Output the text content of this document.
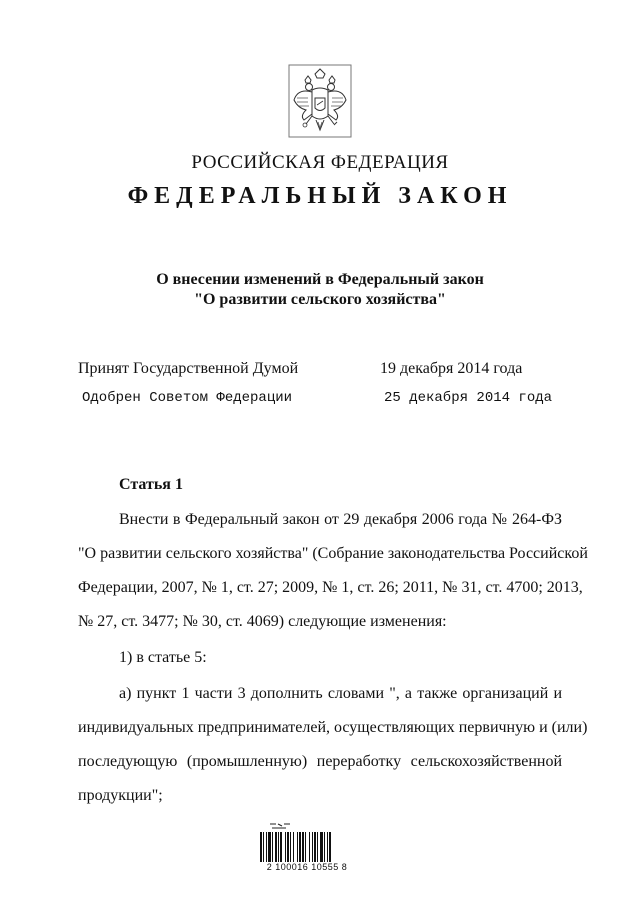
РОССИЙСКАЯ ФЕДЕРАЦИЯ
ФЕДЕРАЛЬНЫЙ ЗАКОН
О внесении изменений в Федеральный закон
"О развитии сельского хозяйства"
Принят Государственной Думой	19 декабря 2014 года
Одобрен Советом Федерации	25 декабря 2014 года
Статья 1
Внести в Федеральный закон от 29 декабря 2006 года № 264-ФЗ
"О развитии сельского хозяйства" (Собрание законодательства Российской
Федерации, 2007, № 1, ст. 27; 2009, № 1, ст. 26; 2011, № 31, ст. 4700; 2013,
№ 27, ст. 3477; № 30, ст. 4069) следующие изменения:
1) в статье 5:
а) пункт 1 части 3 дополнить словами ", а также организаций и
индивидуальных предпринимателей, осуществляющих первичную и (или)
последующую (промышленную) переработку сельскохозяйственной
продукции";
2 100016 10555 8
